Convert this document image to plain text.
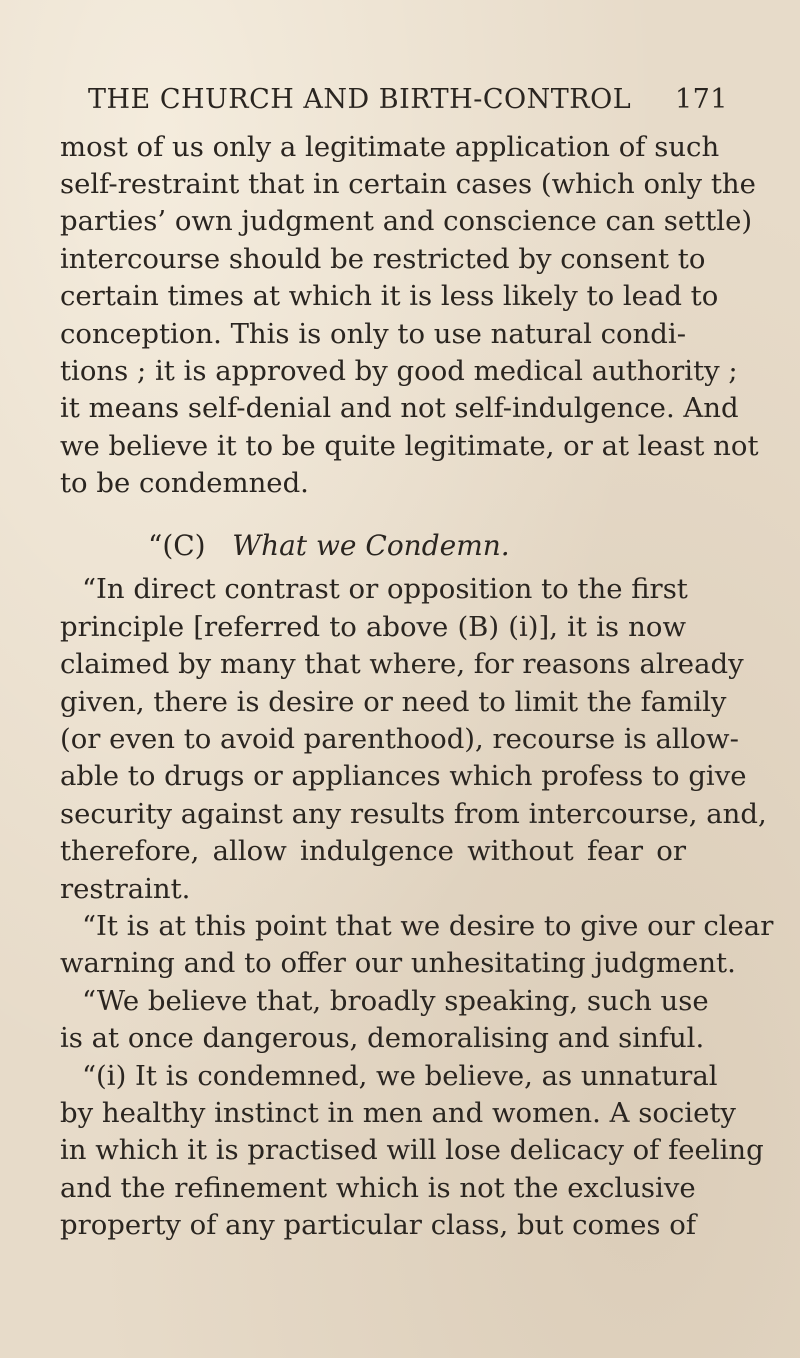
THE CHURCH AND BIRTH-CONTROL 171
most of us only a legitimate application of such
self-restraint that in certain cases (which only the
parties’ own judgment and conscience can settle)
intercourse should be restricted by consent to
certain times at which it is less likely to lead to
conception. This is only to use natural condi-
tions ; it is approved by good medical authority ;
it means self-denial and not self-indulgence. And
we believe it to be quite legitimate, or at least not
to be condemned.
“(C) What we Condemn.
“In direct contrast or opposition to the first
principle [referred to above (B) (i)], it is now
claimed by many that where, for reasons already
given, there is desire or need to limit the family
(or even to avoid parenthood), recourse is allow-
able to drugs or appliances which profess to give
security against any results from intercourse, and,
therefore, allow indulgence without fear or
restraint.
“It is at this point that we desire to give our clear
warning and to offer our unhesitating judgment.
“We believe that, broadly speaking, such use
is at once dangerous, demoralising and sinful.
“(i) It is condemned, we believe, as unnatural
by healthy instinct in men and women. A society
in which it is practised will lose delicacy of feeling
and the refinement which is not the exclusive
property of any particular class, but comes of
